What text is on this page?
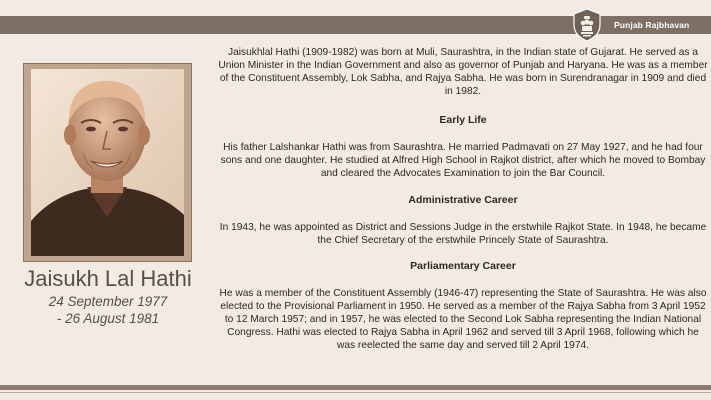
Punjab Rajbhavan
Jaisukh Lal Hathi
24 September 1977
- 26 August 1981

Jaisukhlal Hathi (1909-1982) was born at Muli, Saurashtra, in the Indian state of Gujarat. He served as a Union Minister in the Indian Government and also as governor of Punjab and Haryana. He was as a member of the Constituent Assembly, Lok Sabha, and Rajya Sabha. He was born in Surendranagar in 1909 and died in 1982.

Early Life

His father Lalshankar Hathi was from Saurashtra. He married Padmavati on 27 May 1927, and he had four sons and one daughter. He studied at Alfred High School in Rajkot district, after which he moved to Bombay and cleared the Advocates Examination to join the Bar Council.

Administrative Career

In 1943, he was appointed as District and Sessions Judge in the erstwhile Rajkot State. In 1948, he became the Chief Secretary of the erstwhile Princely State of Saurashtra.

Parliamentary Career

He was a member of the Constituent Assembly (1946-47) representing the State of Saurashtra. He was also elected to the Provisional Parliament in 1950. He served as a member of the Rajya Sabha from 3 April 1952 to 12 March 1957; and in 1957, he was elected to the Second Lok Sabha representing the Indian National Congress. Hathi was elected to Rajya Sabha in April 1962 and served till 3 April 1968, following which he was reelected the same day and served till 2 April 1974.
